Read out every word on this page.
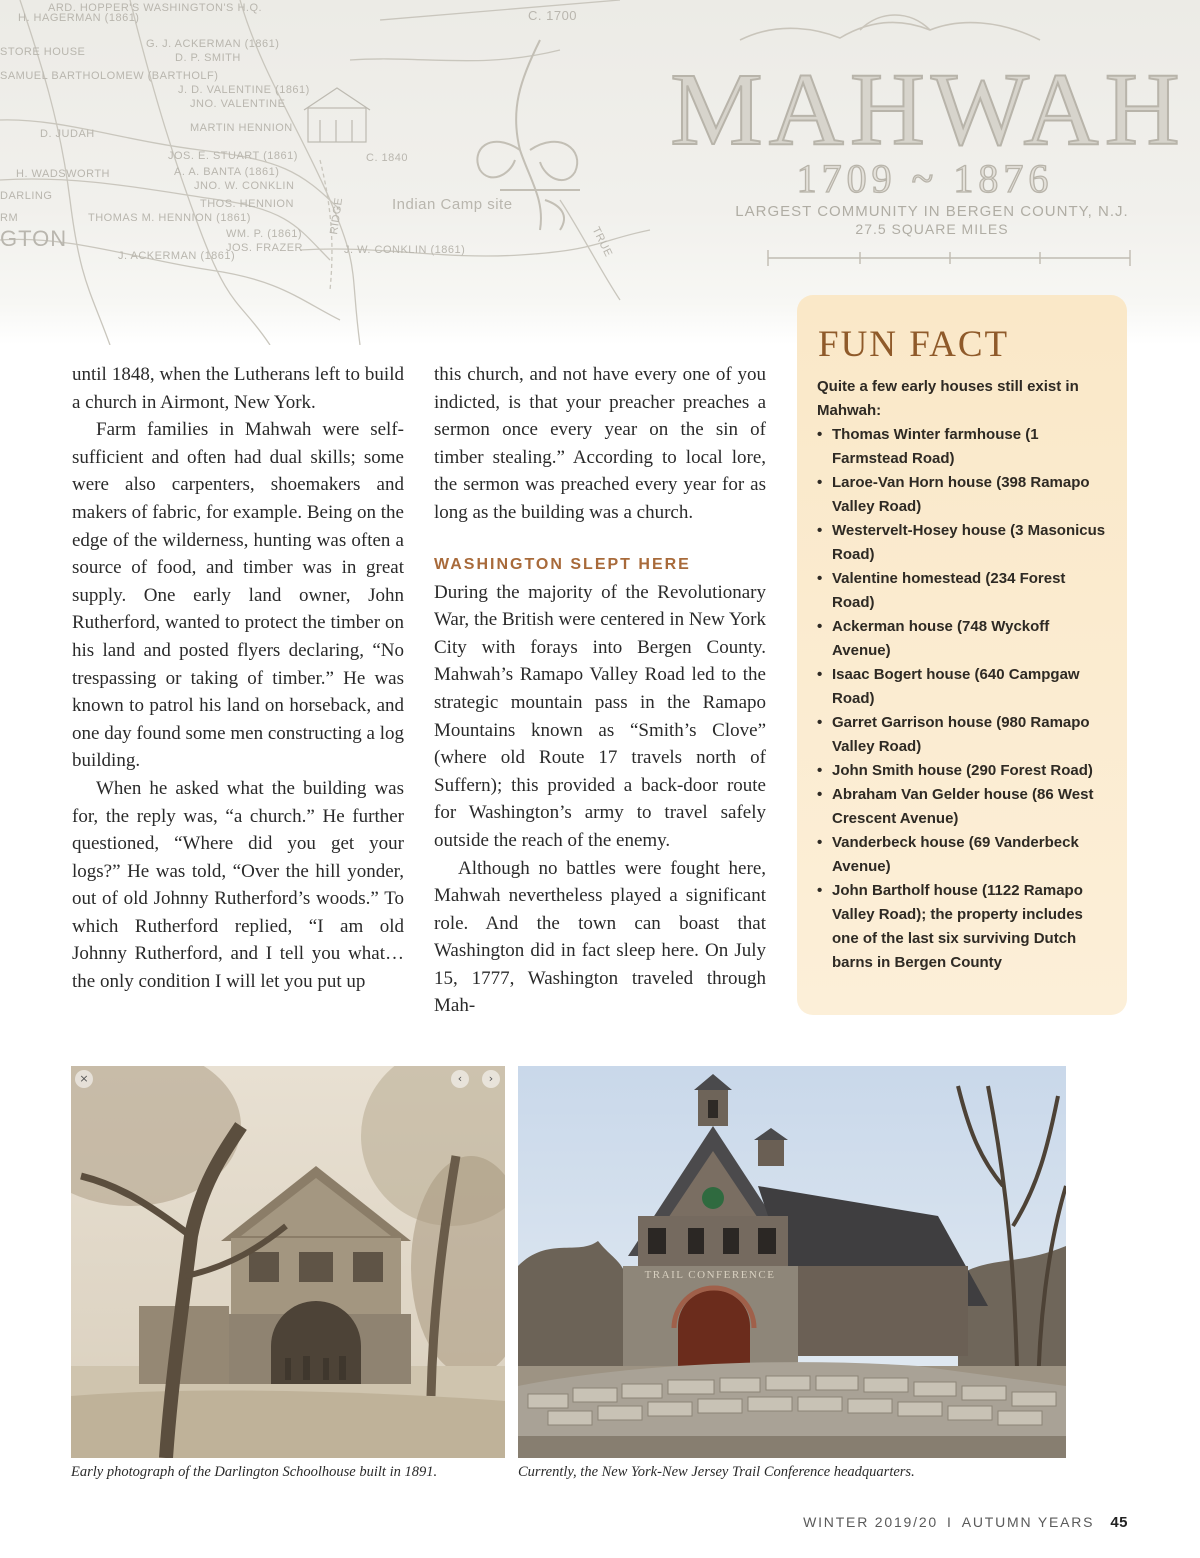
ARD. HOPPER'S WASHINGTON'S H.Q.
H. HAGERMAN (1861)
G. J. ACKERMAN (1861)
D. P. SMITH
STORE HOUSE
SAMUEL BARTHOLOMEW (BARTHOLF)
J. D. VALENTINE (1861)
JNO. VALENTINE
D. JUDAH	MARTIN HENNION
JOS. E. STUART (1861)
H. WADSWORTH	A. A. BANTA (1861)
JNO. W. CONKLIN
DARLING
THOS. HENNION
THOMAS M. HENNION (1861)
J. ACKERMAN (1861)
WM. P. (1861)
JOS. FRAZER	J. W. CONKLIN (1861)
Indian Camp site
RIDGE
TRUE
C. 1700
C. 1840
GTON
RM
MAHWAH
1709 ~ 1876
LARGEST COMMUNITY IN BERGEN COUNTY, N.J.
27.5 SQUARE MILES

until 1848, when the Lutherans left to build a church in Airmont, New York.

Farm families in Mahwah were self-sufficient and often had dual skills; some were also carpenters, shoemakers and makers of fabric, for example. Being on the edge of the wilderness, hunting was often a source of food, and timber was in great supply. One early land owner, John Rutherford, wanted to protect the timber on his land and posted flyers declaring, “No trespassing or taking of timber.” He was known to patrol his land on horseback, and one day found some men constructing a log building.

When he asked what the building was for, the reply was, “a church.” He further questioned, “Where did you get your logs?” He was told, “Over the hill yonder, out of old Johnny Rutherford’s woods.” To which Rutherford replied, “I am old Johnny Rutherford, and I tell you what… the only condition I will let you put up

this church, and not have every one of you indicted, is that your preacher preaches a sermon once every year on the sin of timber stealing.” According to local lore, the sermon was preached every year for as long as the building was a church.

WASHINGTON SLEPT HERE

During the majority of the Revolutionary War, the British were centered in New York City with forays into Bergen County. Mahwah’s Ramapo Valley Road led to the strategic mountain pass in the Ramapo Mountains known as “Smith’s Clove” (where old Route 17 travels north of Suffern); this provided a back-door route for Washington’s army to travel safely outside the reach of the enemy.

Although no battles were fought here, Mahwah nevertheless played a significant role. And the town can boast that Washington did in fact sleep here. On July 15, 1777, Washington traveled through Mah-

FUN FACT
Quite a few early houses still exist in Mahwah:
• Thomas Winter farmhouse (1 Farmstead Road)
• Laroe-Van Horn house (398 Ramapo Valley Road)
• Westervelt-Hosey house (3 Masonicus Road)
• Valentine homestead (234 Forest Road)
• Ackerman house (748 Wyckoff Avenue)
• Isaac Bogert house (640 Campgaw Road)
• Garret Garrison house (980 Ramapo Valley Road)
• John Smith house (290 Forest Road)
• Abraham Van Gelder house (86 West Crescent Avenue)
• Vanderbeck house (69 Vanderbeck Avenue)
• John Bartholf house (1122 Ramapo Valley Road); the property includes one of the last six surviving Dutch barns in Bergen County
×	‹	›
TRAIL CONFERENCE
Early photograph of the Darlington Schoolhouse built in 1891.	Currently, the New York-New Jersey Trail Conference headquarters.
WINTER 2019/20 I AUTUMN YEARS 45
